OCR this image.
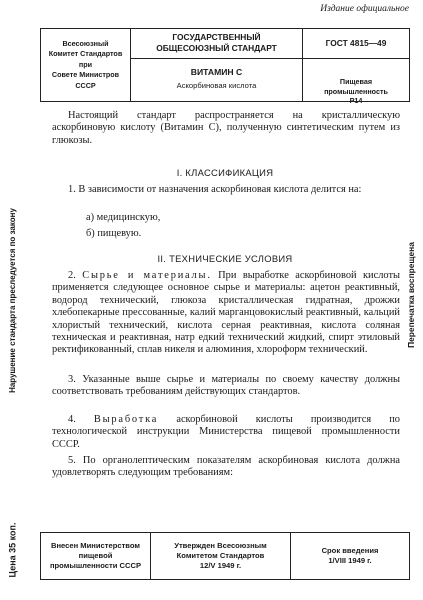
Издание официальное
Всесоюзный
Комитет Стандартов
при
Совете Министров
СССР
ГОСУДАРСТВЕННЫЙ
ОБЩЕСОЮЗНЫЙ СТАНДАРТ
ВИТАМИН С
Аскорбиновая кислота
ГОСТ 4815—49
Пищевая
промышленность
Р14
Настоящий стандарт распространяется на кристаллическую аскорбиновую кислоту (Витамин С), полученную синтетическим путем из глюкозы.
I. КЛАССИФИКАЦИЯ
1. В зависимости от назначения аскорбиновая кислота делится на:
а) медицинскую,
б) пищевую.
II. ТЕХНИЧЕСКИЕ УСЛОВИЯ
2. Сырье и материалы. При выработке аскорбиновой кислоты применяется следующее основное сырье и материалы: ацетон реактивный, водород технический, глюкоза кристаллическая гидратная, дрожжи хлебопекарные прессованные, калий марганцовокислый реактивный, кальций хлористый технический, кислота серная реактивная, кислота соляная техническая и реактивная, натр едкий технический жидкий, спирт этиловый ректификованный, сплав никеля и алюминия, хлороформ технический.
3. Указанные выше сырье и материалы по своему качеству должны соответствовать требованиям действующих стандартов.
4. Выработка аскорбиновой кислоты производится по технологической инструкции Министерства пищевой промышленности СССР.
5. По органолептическим показателям аскорбиновая кислота должна удовлетворять следующим требованиям:
Нарушение стандарта преследуется по закону
Цена 35 коп.
Перепечатка воспрещена
Внесен Министерством
пищевой
промышленности СССР
Утвержден Всесоюзным
Комитетом Стандартов
12/V 1949 г.
Срок введения
1/VIII 1949 г.
